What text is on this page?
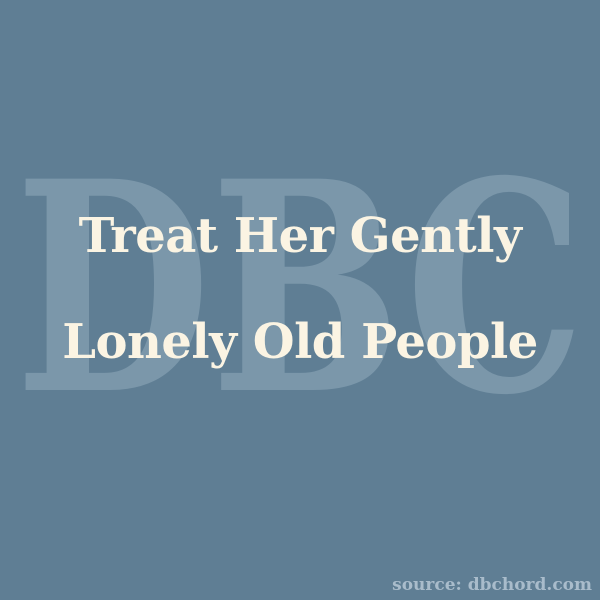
DBC
Treat Her Gently
Lonely Old People
source: dbchord.com
